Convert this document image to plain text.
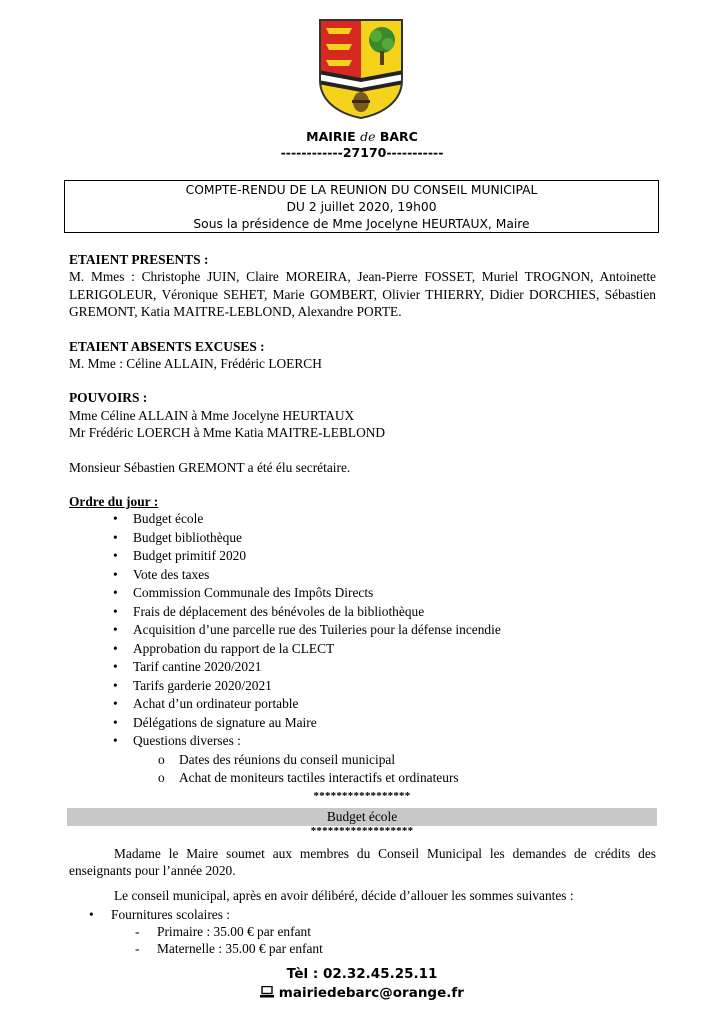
MAIRIE de BARC
------------27170-----------
COMPTE-RENDU DE LA REUNION DU CONSEIL MUNICIPAL
DU 2 juillet 2020, 19h00
Sous la présidence de Mme Jocelyne HEURTAUX, Maire

ETAIENT PRESENTS :

M. Mmes : Christophe JUIN, Claire MOREIRA, Jean-Pierre FOSSET, Muriel TROGNON, Antoinette LERIGOLEUR, Véronique SEHET, Marie GOMBERT, Olivier THIERRY, Didier DORCHIES, Sébastien GREMONT, Katia MAITRE-LEBLOND, Alexandre PORTE.

ETAIENT ABSENTS EXCUSES :

M. Mme : Céline ALLAIN, Frédéric LOERCH

POUVOIRS :

Mme Céline ALLAIN à Mme Jocelyne HEURTAUX

Mr Frédéric LOERCH à Mme Katia MAITRE-LEBLOND

Monsieur Sébastien GREMONT a été élu secrétaire.

Ordre du jour :

• Budget école
• Budget bibliothèque
• Budget primitif 2020
• Vote des taxes
• Commission Communale des Impôts Directs
• Frais de déplacement des bénévoles de la bibliothèque
• Acquisition d’une parcelle rue des Tuileries pour la défense incendie
• Approbation du rapport de la CLECT
• Tarif cantine 2020/2021
• Tarifs garderie 2020/2021
• Achat d’un ordinateur portable
• Délégations de signature au Maire
• Questions diverses :
o Dates des réunions du conseil municipal
o Achat de moniteurs tactiles interactifs et ordinateurs
*****************
Budget école
******************
Madame le Maire soumet aux membres du Conseil Municipal les demandes de crédits des enseignants pour l’année 2020.
Le conseil municipal, après en avoir délibéré, décide d’allouer les sommes suivantes :
• Fournitures scolaires :
- Primaire : 35.00 € par enfant
- Maternelle : 35.00 € par enfant
Tèl : 02.32.45.25.11
mairiedebarc@orange.fr
